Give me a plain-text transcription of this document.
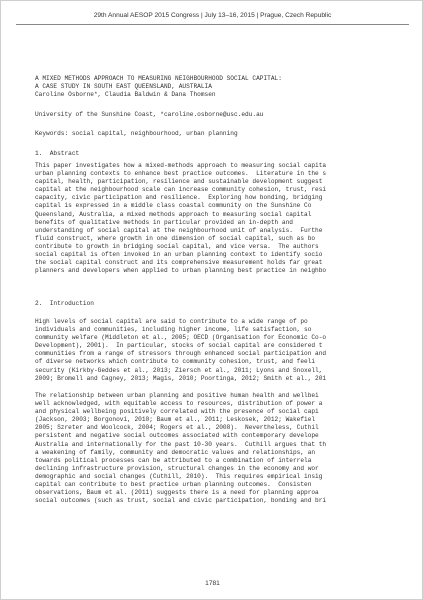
29th Annual AESOP 2015 Congress | July 13–16, 2015 | Prague, Czech Republic
A MIXED METHODS APPROACH TO MEASURING NEIGHBOURHOOD SOCIAL CAPITAL:
A CASE STUDY IN SOUTH EAST QUEENSLAND, AUSTRALIA
Caroline Osborne*, Claudia Baldwin & Dana Thomsen
University of the Sunshine Coast, *caroline.osborne@usc.edu.au
Keywords: social capital, neighbourhood, urban planning
1.  Abstract
This paper investigates how a mixed-methods approach to measuring social capita
urban planning contexts to enhance best practice outcomes.  Literature in the s
capital, health, participation, resilience and sustainable development suggest
capital at the neighbourhood scale can increase community cohesion, trust, resi
capacity, civic participation and resilience.  Exploring how bonding, bridging
capital is expressed in a middle class coastal community on the Sunshine Co
Queensland, Australia, a mixed methods approach to measuring social capital
benefits of qualitative methods in particular provided an in-depth and
understanding of social capital at the neighbourhood unit of analysis.  Furthe
fluid construct, where growth in one dimension of social capital, such as bo
contribute to growth in bridging social capital, and vice versa.  The authors
social capital is often invoked in an urban planning context to identify socio
the social capital construct and its comprehensive measurement holds far great
planners and developers when applied to urban planning best practice in neighbo
2.  Introduction
High levels of social capital are said to contribute to a wide range of po
individuals and communities, including higher income, life satisfaction, so
community welfare (Middleton et al., 2005; OECD (Organisation for Economic Co-o
Development), 2001).  In particular, stocks of social capital are considered t
communities from a range of stressors through enhanced social participation and
of diverse networks which contribute to community cohesion, trust, and feeli
security (Kirkby-Geddes et al., 2013; Ziersch et al., 2011; Lyons and Snoxell,
2009; Bromell and Cagney, 2013; Magis, 2010; Poortinga, 2012; Smith et al., 201
The relationship between urban planning and positive human health and wellbei
well acknowledged, with equitable access to resources, distribution of power a
and physical wellbeing positively correlated with the presence of social capi
(Jackson, 2003; Borgonovi, 2010; Baum et al., 2011; Leskosek, 2012; Wakefiel
2005; Szreter and Woolcock, 2004; Rogers et al., 2008).  Nevertheless, Cuthil
persistent and negative social outcomes associated with contemporary develope
Australia and internationally for the past 10-30 years.  Cuthill argues that th
a weakening of family, community and democratic values and relationships, an
towards political processes can be attributed to a combination of interrela
declining infrastructure provision, structural changes in the economy and wor
demographic and social changes (Cuthill, 2010).  This requires empirical insig
capital can contribute to best practice urban planning outcomes.  Consisten
observations, Baum et al. (2011) suggests there is a need for planning approa
social outcomes (such as trust, social and civic participation, bonding and bri
1781
